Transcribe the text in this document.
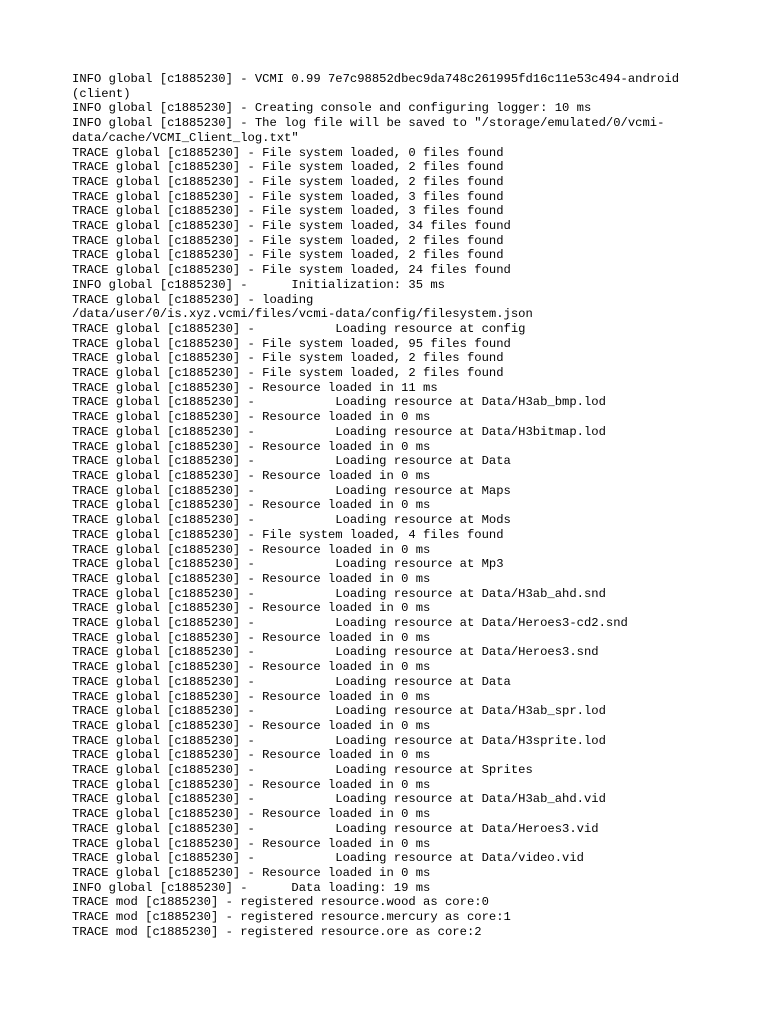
INFO global [c1885230] - VCMI 0.99 7e7c98852dbec9da748c261995fd16c11e53c494-android
(client)
INFO global [c1885230] - Creating console and configuring logger: 10 ms
INFO global [c1885230] - The log file will be saved to "/storage/emulated/0/vcmi-
data/cache/VCMI_Client_log.txt"
TRACE global [c1885230] - File system loaded, 0 files found
TRACE global [c1885230] - File system loaded, 2 files found
TRACE global [c1885230] - File system loaded, 2 files found
TRACE global [c1885230] - File system loaded, 3 files found
TRACE global [c1885230] - File system loaded, 3 files found
TRACE global [c1885230] - File system loaded, 34 files found
TRACE global [c1885230] - File system loaded, 2 files found
TRACE global [c1885230] - File system loaded, 2 files found
TRACE global [c1885230] - File system loaded, 24 files found
INFO global [c1885230] -      Initialization: 35 ms
TRACE global [c1885230] - loading
/data/user/0/is.xyz.vcmi/files/vcmi-data/config/filesystem.json
TRACE global [c1885230] -           Loading resource at config
TRACE global [c1885230] - File system loaded, 95 files found
TRACE global [c1885230] - File system loaded, 2 files found
TRACE global [c1885230] - File system loaded, 2 files found
TRACE global [c1885230] - Resource loaded in 11 ms
TRACE global [c1885230] -           Loading resource at Data/H3ab_bmp.lod
TRACE global [c1885230] - Resource loaded in 0 ms
TRACE global [c1885230] -           Loading resource at Data/H3bitmap.lod
TRACE global [c1885230] - Resource loaded in 0 ms
TRACE global [c1885230] -           Loading resource at Data
TRACE global [c1885230] - Resource loaded in 0 ms
TRACE global [c1885230] -           Loading resource at Maps
TRACE global [c1885230] - Resource loaded in 0 ms
TRACE global [c1885230] -           Loading resource at Mods
TRACE global [c1885230] - File system loaded, 4 files found
TRACE global [c1885230] - Resource loaded in 0 ms
TRACE global [c1885230] -           Loading resource at Mp3
TRACE global [c1885230] - Resource loaded in 0 ms
TRACE global [c1885230] -           Loading resource at Data/H3ab_ahd.snd
TRACE global [c1885230] - Resource loaded in 0 ms
TRACE global [c1885230] -           Loading resource at Data/Heroes3-cd2.snd
TRACE global [c1885230] - Resource loaded in 0 ms
TRACE global [c1885230] -           Loading resource at Data/Heroes3.snd
TRACE global [c1885230] - Resource loaded in 0 ms
TRACE global [c1885230] -           Loading resource at Data
TRACE global [c1885230] - Resource loaded in 0 ms
TRACE global [c1885230] -           Loading resource at Data/H3ab_spr.lod
TRACE global [c1885230] - Resource loaded in 0 ms
TRACE global [c1885230] -           Loading resource at Data/H3sprite.lod
TRACE global [c1885230] - Resource loaded in 0 ms
TRACE global [c1885230] -           Loading resource at Sprites
TRACE global [c1885230] - Resource loaded in 0 ms
TRACE global [c1885230] -           Loading resource at Data/H3ab_ahd.vid
TRACE global [c1885230] - Resource loaded in 0 ms
TRACE global [c1885230] -           Loading resource at Data/Heroes3.vid
TRACE global [c1885230] - Resource loaded in 0 ms
TRACE global [c1885230] -           Loading resource at Data/video.vid
TRACE global [c1885230] - Resource loaded in 0 ms
INFO global [c1885230] -      Data loading: 19 ms
TRACE mod [c1885230] - registered resource.wood as core:0
TRACE mod [c1885230] - registered resource.mercury as core:1
TRACE mod [c1885230] - registered resource.ore as core:2
